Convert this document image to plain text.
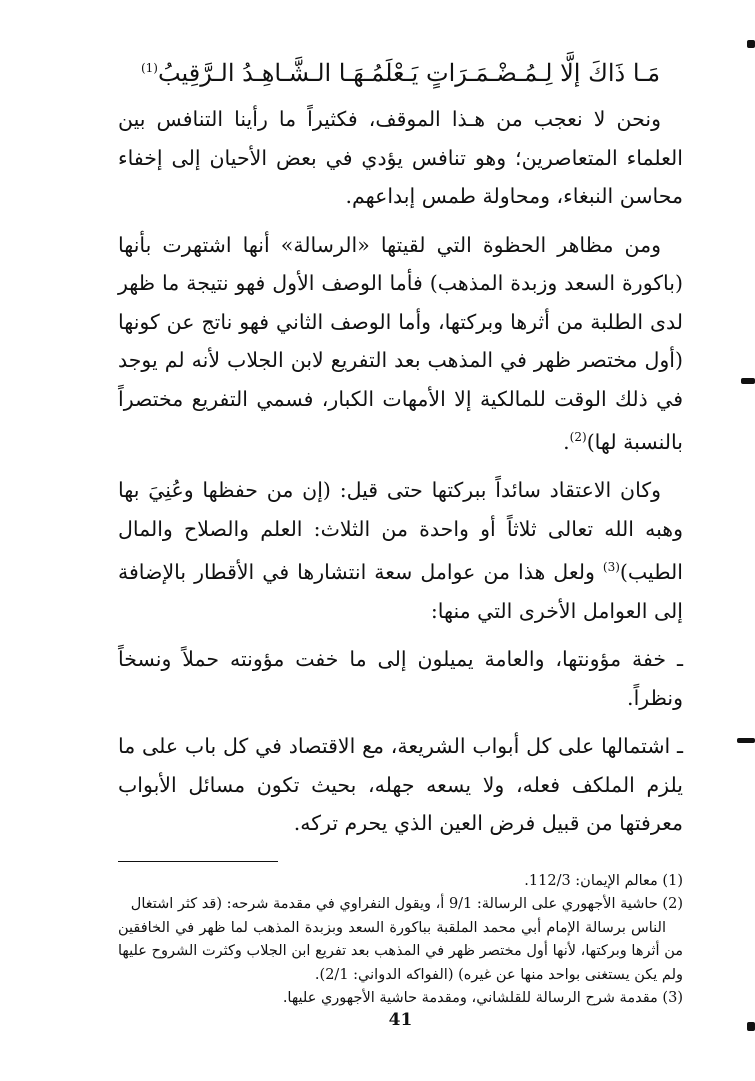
مَـا ذَاكَ إلَّا لِـمُـضْـمَـرَاتٍ يَـعْلَمُـهَـا الـشَّـاهِـدُ الـرَّقِيبُ$^{(1)}$

ونحن لا نعجب من هـذا الموقف، فكثيراً ما رأينا التنافس بين العلماء المتعاصرين؛ وهو تنافس يؤدي في بعض الأحيان إلى إخفاء محاسن النبغاء، ومحاولة طمس إبداعهم.

ومن مظاهر الحظوة التي لقيتها «الرسالة» أنها اشتهرت بأنها (باكورة السعد وزبدة المذهب) فأما الوصف الأول فهو نتيجة ما ظهر لدى الطلبة من أثرها وبركتها، وأما الوصف الثاني فهو ناتج عن كونها (أول مختصر ظهر في المذهب بعد التفريع لابن الجلاب لأنه لم يوجد في ذلك الوقت للمالكية إلا الأمهات الكبار، فسمي التفريع مختصراً بالنسبة لها)$^{(2)}$.

وكان الاعتقاد سائداً ببركتها حتى قيل: (إن من حفظها وعُنِيَ بها وهبه الله تعالى ثلاثاً أو واحدة من الثلاث: العلم والصلاح والمال الطيب)$^{(3)}$ ولعل هذا من عوامل سعة انتشارها في الأقطار بالإضافة إلى العوامل الأخرى التي منها:

ـ خفة مؤونتها، والعامة يميلون إلى ما خفت مؤونته حملاً ونسخاً ونظراً.

ـ اشتمالها على كل أبواب الشريعة، مع الاقتصاد في كل باب على ما يلزم الملكف فعله، ولا يسعه جهله، بحيث تكون مسائل الأبواب معرفتها من قبيل فرض العين الذي يحرم تركه.

(1) معالم الإيمان: 112/3.

(2) حاشية الأجهوري على الرسالة: 9/1 أ، ويقول النفراوي في مقدمة شرحه: (قد كثر اشتغال
الناس برسالة الإمام أبي محمد الملقبة بباكورة السعد وبزبدة المذهب لما ظهر في الخافقين من أثرها وبركتها، لأنها أول مختصر ظهر في المذهب بعد تفريع ابن الجلاب وكثرت الشروح عليها ولم يكن يستغنى بواحد منها عن غيره) (الفواكه الدواني: 2/1).

(3) مقدمة شرح الرسالة للقلشاني، ومقدمة حاشية الأجهوري عليها.

41
